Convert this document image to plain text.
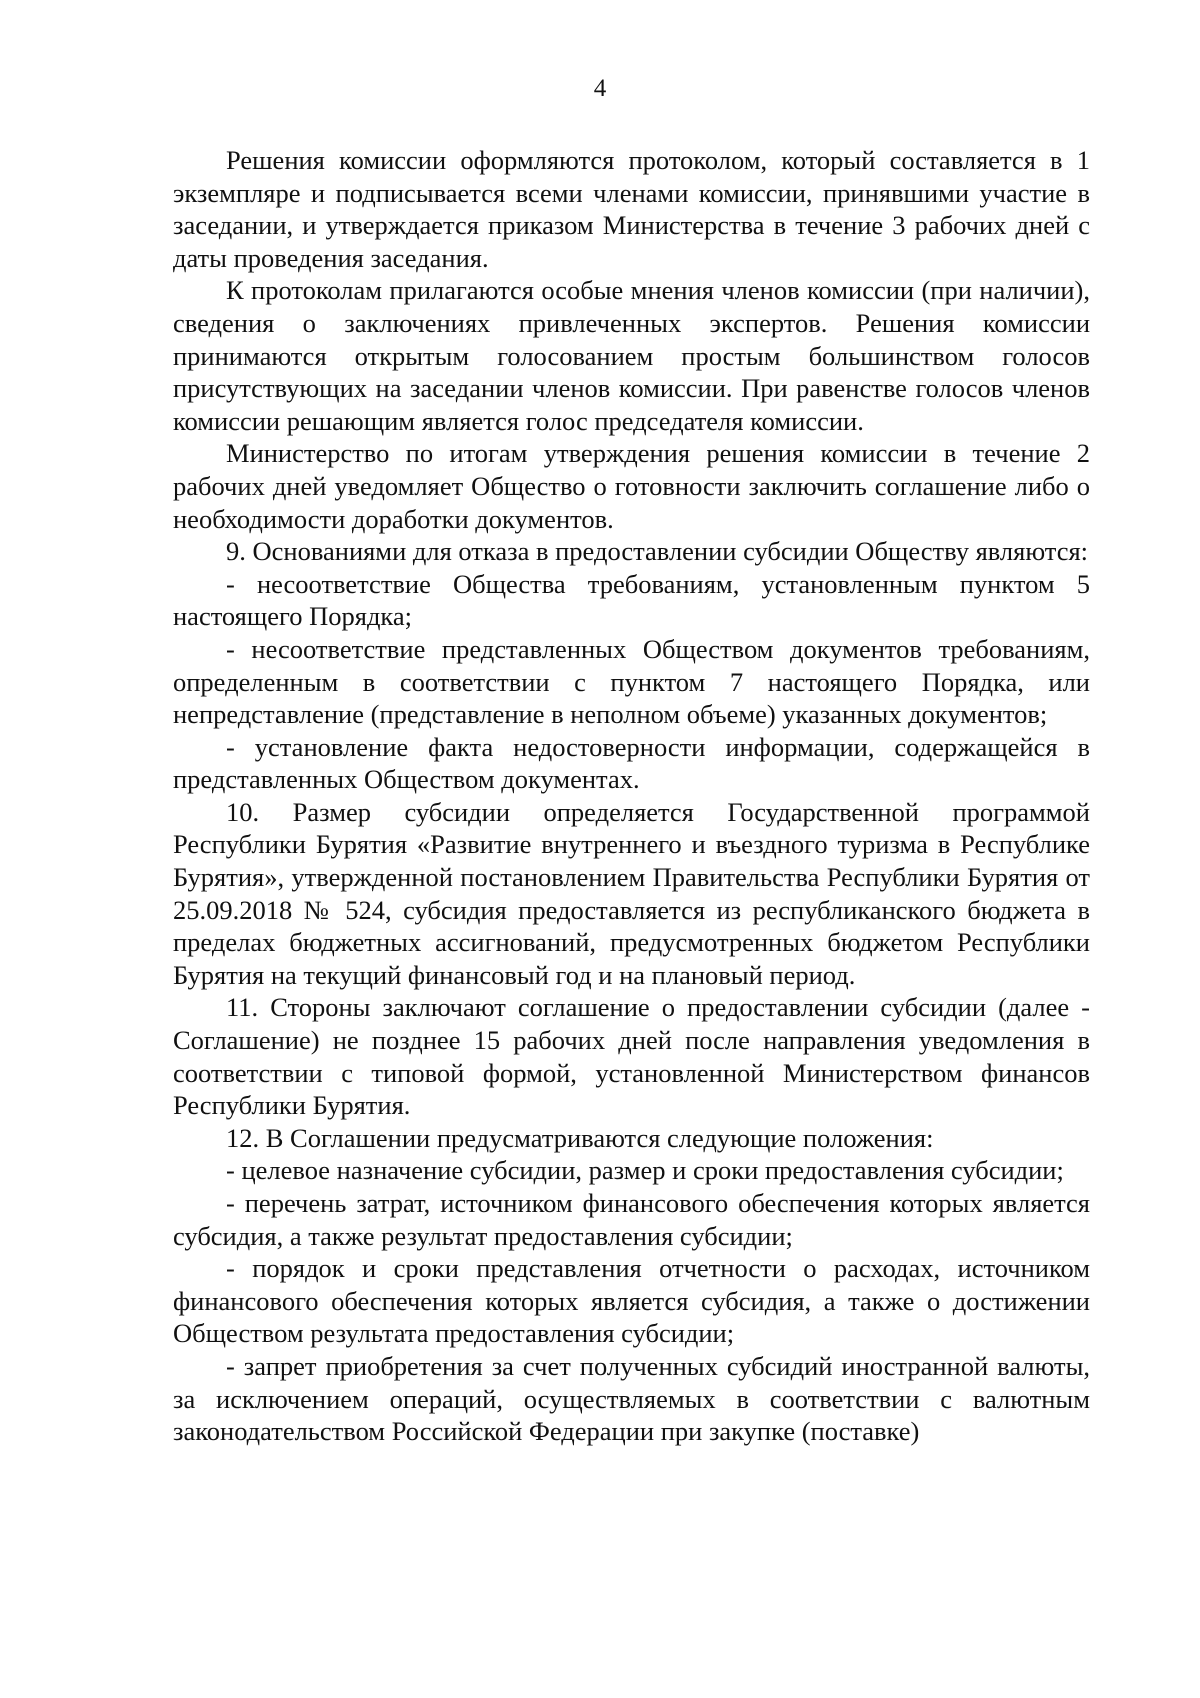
4

Решения комиссии оформляются протоколом, который составляется в 1 экземпляре и подписывается всеми членами комиссии, принявшими участие в заседании, и утверждается приказом Министерства в течение 3 рабочих дней с даты проведения заседания.

К протоколам прилагаются особые мнения членов комиссии (при наличии), сведения о заключениях привлеченных экспертов. Решения комиссии принимаются открытым голосованием простым большинством голосов присутствующих на заседании членов комиссии. При равенстве голосов членов комиссии решающим является голос председателя комиссии.

Министерство по итогам утверждения решения комиссии в течение 2 рабочих дней уведомляет Общество о готовности заключить соглашение либо о необходимости доработки документов.

9. Основаниями для отказа в предоставлении субсидии Обществу являются:

- несоответствие Общества требованиям, установленным пунктом 5 настоящего Порядка;

- несоответствие представленных Обществом документов требованиям, определенным в соответствии с пунктом 7 настоящего Порядка, или непредставление (представление в неполном объеме) указанных документов;

- установление факта недостоверности информации, содержащейся в представленных Обществом документах.

10. Размер субсидии определяется Государственной программой Республики Бурятия «Развитие внутреннего и въездного туризма в Республике Бурятия», утвержденной постановлением Правительства Республики Бурятия от 25.09.2018 № 524, субсидия предоставляется из республиканского бюджета в пределах бюджетных ассигнований, предусмотренных бюджетом Республики Бурятия на текущий финансовый год и на плановый период.

11. Стороны заключают соглашение о предоставлении субсидии (далее - Соглашение) не позднее 15 рабочих дней после направления уведомления в соответствии с типовой формой, установленной Министерством финансов Республики Бурятия.

12. В Соглашении предусматриваются следующие положения:

- целевое назначение субсидии, размер и сроки предоставления субсидии;

- перечень затрат, источником финансового обеспечения которых является субсидия, а также результат предоставления субсидии;

- порядок и сроки представления отчетности о расходах, источником финансового обеспечения которых является субсидия, а также о достижении Обществом результата предоставления субсидии;

- запрет приобретения за счет полученных субсидий иностранной валюты, за исключением операций, осуществляемых в соответствии с валютным законодательством Российской Федерации при закупке (поставке)
